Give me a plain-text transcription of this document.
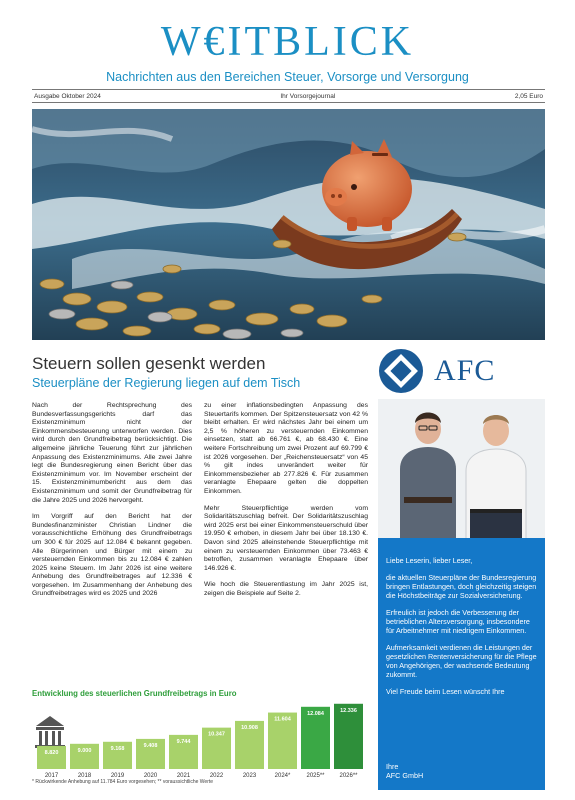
W€ITBLICK
Nachrichten aus den Bereichen Steuer, Vorsorge und Versorgung
Ausgabe Oktober 2024	Ihr Vorsorgejournal	2,05 Euro
Steuern sollen gesenkt werden
Steuerpläne der Regierung liegen auf dem Tisch

Nach der Rechtsprechung des Bundesverfassungsgerichts darf das Existenzminimum nicht der Einkommensbesteuerung unterworfen werden. Dies wird durch den Grundfreibetrag berücksichtigt. Die allgemeine jährliche Teuerung führt zur jährlichen Anpassung des Existenzminimums. Alle zwei Jahre legt die Bundesregierung einen Bericht über das Existenzminimum vor. Im November erscheint der 15. Existenzminimumbericht aus dem das Existenzminimum und somit der Grundfreibetrag für die Jahre 2025 und 2026 hervorgeht.

Im Vorgriff auf den Bericht hat der Bundesfinanzminister Christian Lindner die vorausschichtliche Erhöhung des Grundfreibetrags um 300 € für 2025 auf 12.084 € bekannt gegeben. Alle Bürgerinnen und Bürger mit einem zu versteuernden Einkommen bis zu 12.084 € zahlen 2025 keine Steuern. Im Jahr 2026 ist eine weitere Anhebung des Grundfreibetrages auf 12.336 € vorgesehen. Im Zusammenhang der Anhebung des Grundfreibetrages wird es 2025 und 2026

zu einer inflationsbedingten Anpassung des Steuertarifs kommen. Der Spitzensteuersatz von 42 % bleibt erhalten. Er wird nächstes Jahr bei einem um 2,5 % höheren zu versteuernden Einkommen einsetzen, statt ab 66.761 €, ab 68.430 €. Eine weitere Fortschreibung um zwei Prozent auf 69.799 € ist 2026 vorgesehen. Der „Reichensteuersatz“ von 45 % gilt indes unverändert weiter für Einkommensbezieher ab 277.826 €. Für zusammen veranlagte Ehepaare gelten die doppelten Einkommen.

Mehr Steuerpflichtige werden vom Solidaritätszuschlag befreit. Der Solidaritätszuschlag wird 2025 erst bei einer Einkommensteuerschuld über 19.950 € erhoben, in diesem Jahr bei über 18.130 €. Davon sind 2025 alleinstehende Steuerpflichtige mit einem zu versteuernden Einkommen über 73.463 € betroffen, zusammen veranlagte Ehepaare über 146.926 €.

Wie hoch die Steuerentlastung im Jahr 2025 ist, zeigen die Beispiele auf Seite 2.

AFC

Liebe Leserin, lieber Leser,

die aktuellen Steuerpläne der Bundesregierung bringen Entlastungen, doch gleichzeitig steigen die Höchstbeiträge zur Sozialversicherung.

Erfreulich ist jedoch die Verbesserung der betrieblichen Altersversorgung, insbesondere für Arbeitnehmer mit niedrigem Einkommen.

Aufmerksamkeit verdienen die Leistungen der gesetzlichen Rentenversicherung für die Pflege von Angehörigen, der wachsende Bedeutung zukommt.

Viel Freude beim Lesen wünscht Ihre

Ihre
AFC GmbH
Entwicklung des steuerlichen Grundfreibetrags in Euro
8.820
2017
9.000
2018
9.168
2019
9.408
2020
9.744
2021
10.347
2022
10.908
2023
11.604
2024*
12.084
2025**
12.336
2026**
* Rückwirkende Anhebung auf 11.784 Euro vorgesehen; ** voraussichtliche Werte
